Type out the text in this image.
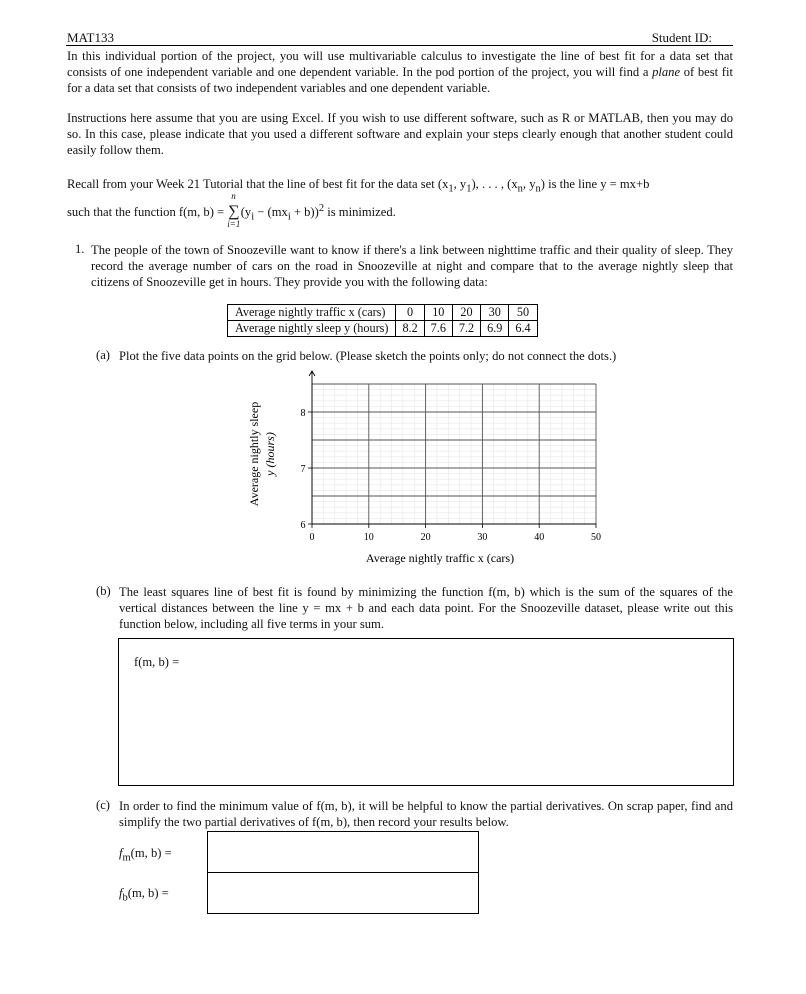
MAT133	Student ID:

In this individual portion of the project, you will use multivariable calculus to investigate the line of best fit for a data set that consists of one independent variable and one dependent variable. In the pod portion of the project, you will find a plane of best fit for a data set that consists of two independent variables and one dependent variable.

Instructions here assume that you are using Excel. If you wish to use different software, such as R or MATLAB, then you may do so. In this case, please indicate that you used a different software and explain your steps clearly enough that another student could easily follow them.

Recall from your Week 21 Tutorial that the line of best fit for the data set ($x_1$, $y_1$), . . . , ($x_n$, $y_n$) is the line y = mx+b

such that the function f(m, b) =
n
∑
i=1
$(y_i - (mx_i + b))^2$ is minimized.
1. The people of the town of Snoozeville want to know if there's a link between nighttime traffic and their quality of sleep. They record the average number of cars on the road in Snoozeville at night and compare that to the average nightly sleep that citizens of Snoozeville get in hours. They provide you with the following data:

Average nightly traffic x (cars)	0	10	20	30	50
Average nightly sleep y (hours)	8.2	7.6	7.2	6.9	6.4
(a) Plot the five data points on the grid below. (Please sketch the points only; do not connect the dots.)

0	10	20	30	40	50
6
7
8
Average nightly traffic x (cars)
Average nightly sleep y (hours)
(b) The least squares line of best fit is found by minimizing the function f(m, b) which is the sum of the squares of the vertical distances between the line y = mx + b and each data point. For the Snoozeville dataset, please write out this function below, including all five terms in your sum.

f(m, b) =
(c) In order to find the minimum value of f(m, b), it will be helpful to know the partial derivatives. On scrap paper, find and simplify the two partial derivatives of f(m, b), then record your results below.

$f_m(m$, b) =
$f_b(m$, b) =
